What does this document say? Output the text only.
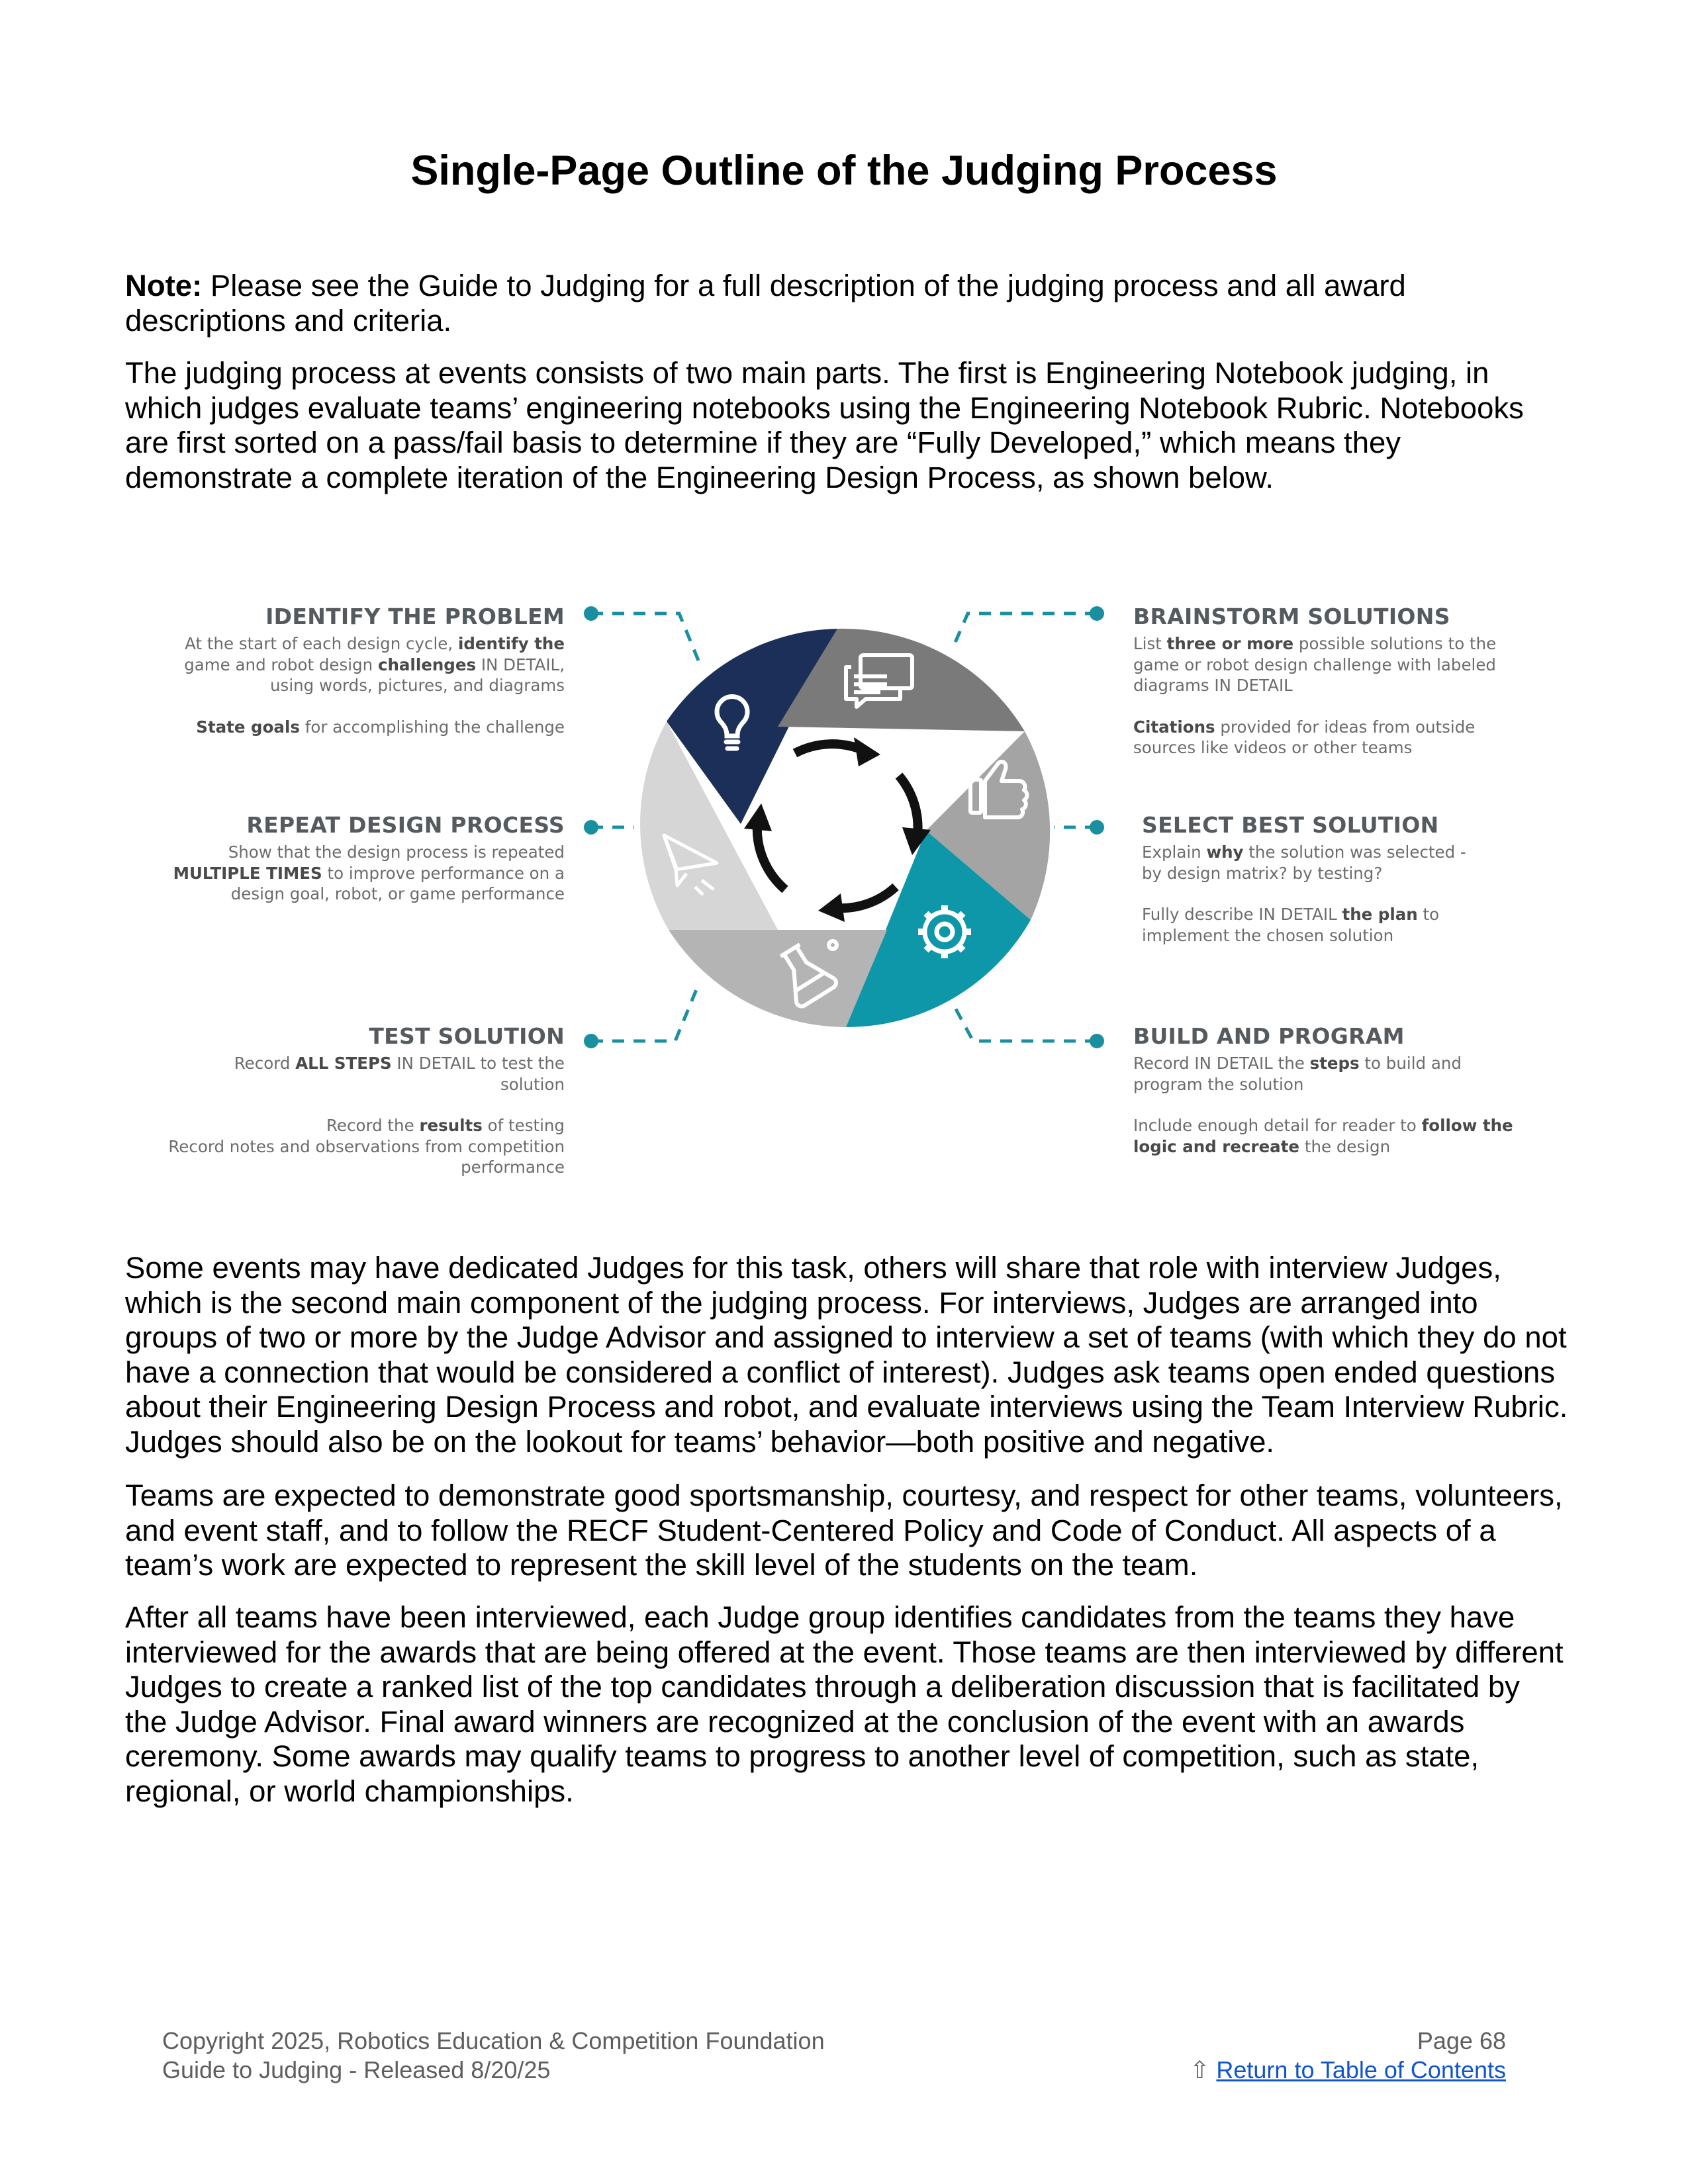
Single-Page Outline of the Judging Process

Note: Please see the Guide to Judging for a full description of the judging process and all award descriptions and criteria.

The judging process at events consists of two main parts. The first is Engineering Notebook judging, in which judges evaluate teams’ engineering notebooks using the Engineering Notebook Rubric. Notebooks are first sorted on a pass/fail basis to determine if they are “Fully Developed,” which means they demonstrate a complete iteration of the Engineering Design Process, as shown below.

IDENTIFY THE PROBLEM
At the start of each design cycle, identify the
game and robot design challenges IN DETAIL,
using words, pictures, and diagrams
State goals for accomplishing the challenge
REPEAT DESIGN PROCESS
Show that the design process is repeated
MULTIPLE TIMES to improve performance on a
design goal, robot, or game performance
TEST SOLUTION
Record ALL STEPS IN DETAIL to test the solution
Record the results of testing
Record notes and observations from competition
performance
BRAINSTORM SOLUTIONS
List three or more possible solutions to the
game or robot design challenge with labeled
diagrams IN DETAIL
Citations provided for ideas from outside
sources like videos or other teams
SELECT BEST SOLUTION
Explain why the solution was selected -
by design matrix? by testing?
Fully describe IN DETAIL the plan to
implement the chosen solution
BUILD AND PROGRAM
Record IN DETAIL the steps to build and
program the solution
Include enough detail for reader to follow the
logic and recreate the design

Some events may have dedicated Judges for this task, others will share that role with interview Judges, which is the second main component of the judging process. For interviews, Judges are arranged into groups of two or more by the Judge Advisor and assigned to interview a set of teams (with which they do not have a connection that would be considered a conflict of interest). Judges ask teams open ended questions about their Engineering Design Process and robot, and evaluate interviews using the Team Interview Rubric. Judges should also be on the lookout for teams’ behavior—both positive and negative.

Teams are expected to demonstrate good sportsmanship, courtesy, and respect for other teams, volunteers, and event staff, and to follow the RECF Student-Centered Policy and Code of Conduct. All aspects of a team’s work are expected to represent the skill level of the students on the team.

After all teams have been interviewed, each Judge group identifies candidates from the teams they have interviewed for the awards that are being offered at the event. Those teams are then interviewed by different Judges to create a ranked list of the top candidates through a deliberation discussion that is facilitated by the Judge Advisor. Final award winners are recognized at the conclusion of the event with an awards ceremony. Some awards may qualify teams to progress to another level of competition, such as state, regional, or world championships.

Copyright 2025, Robotics Education & Competition Foundation
Guide to Judging - Released 8/20/25
Page 68
⇧ Return to Table of Contents
